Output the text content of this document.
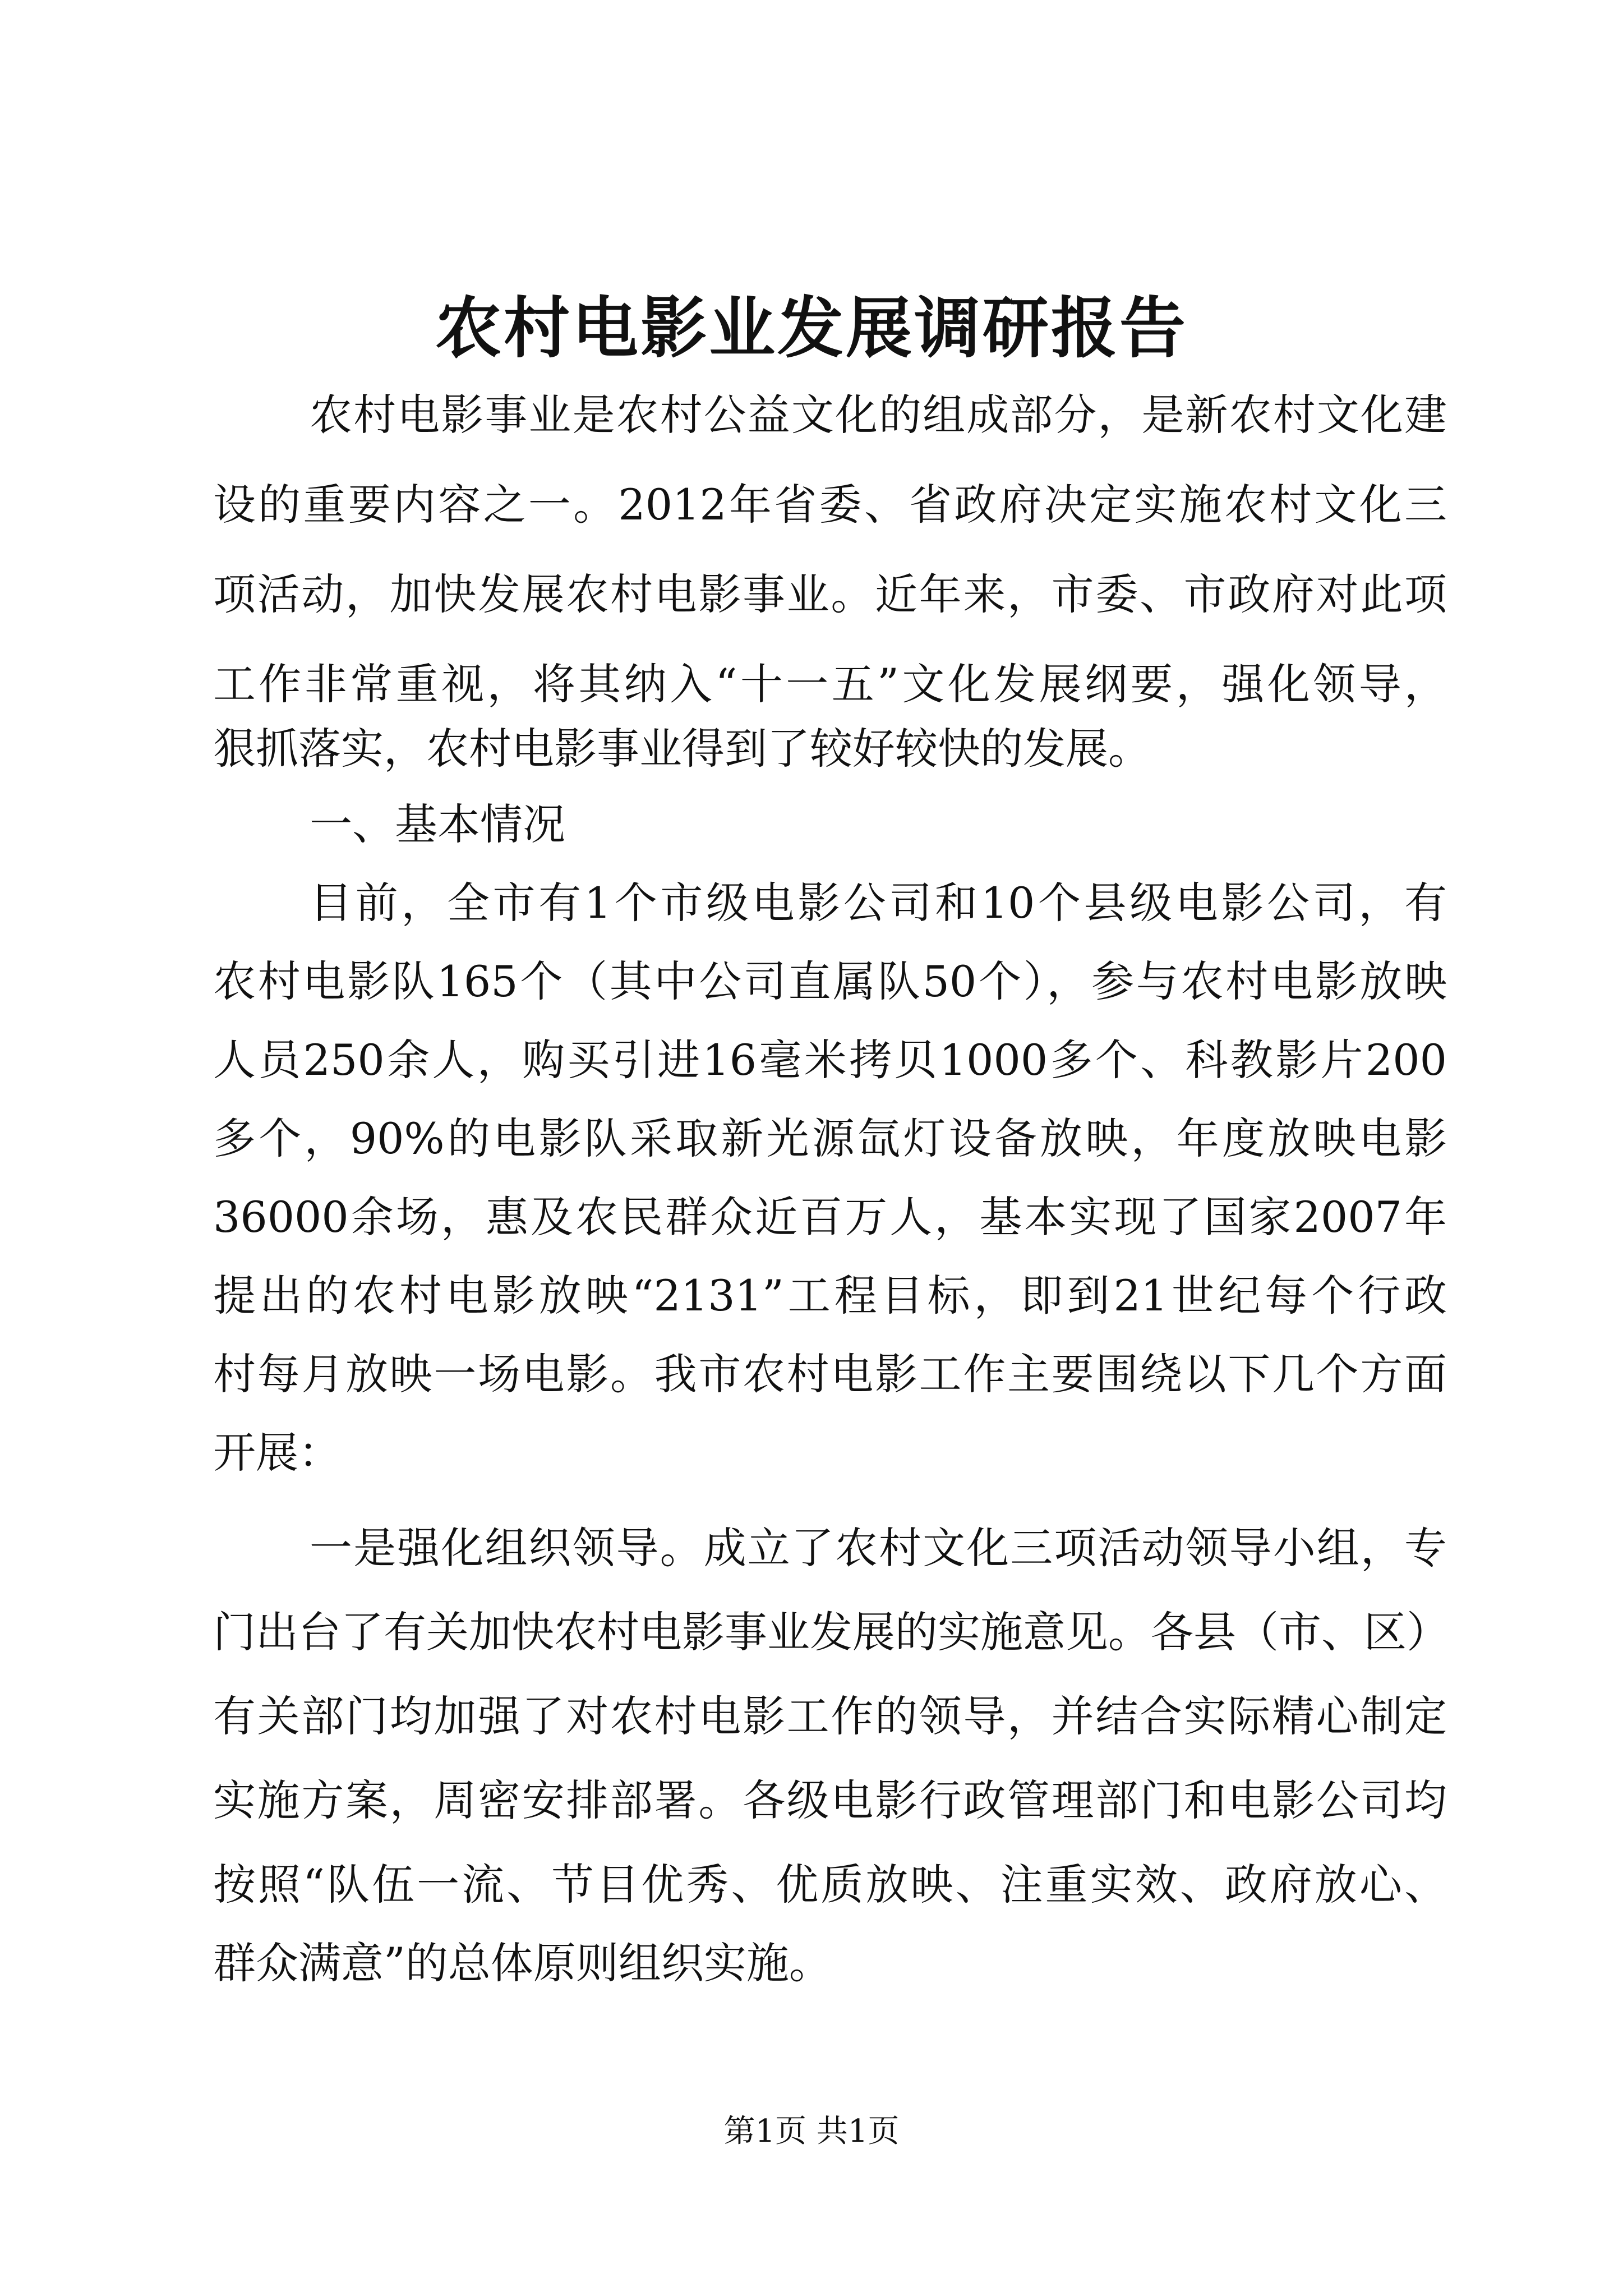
农村电影业发展调研报告
农村电影事业是农村公益文化的组成部分，是新农村文化建
设的重要内容之一。2012年省委、省政府决定实施农村文化三
项活动，加快发展农村电影事业。近年来，市委、市政府对此项
工作非常重视，将其纳入“十一五”文化发展纲要，强化领导，
狠抓落实，农村电影事业得到了较好较快的发展。
一、基本情况
目前，全市有1个市级电影公司和10个县级电影公司，有
农村电影队165个（其中公司直属队50个），参与农村电影放映
人员250余人，购买引进16毫米拷贝1000多个、科教影片200
多个，90%的电影队采取新光源氙灯设备放映，年度放映电影
36000余场，惠及农民群众近百万人，基本实现了国家2007年
提出的农村电影放映“2131”工程目标，即到21世纪每个行政
村每月放映一场电影。我市农村电影工作主要围绕以下几个方面
开展：
一是强化组织领导。成立了农村文化三项活动领导小组，专
门出台了有关加快农村电影事业发展的实施意见。各县（市、区）
有关部门均加强了对农村电影工作的领导，并结合实际精心制定
实施方案，周密安排部署。各级电影行政管理部门和电影公司均
按照“队伍一流、节目优秀、优质放映、注重实效、政府放心、
群众满意”的总体原则组织实施。
第1页 共1页
